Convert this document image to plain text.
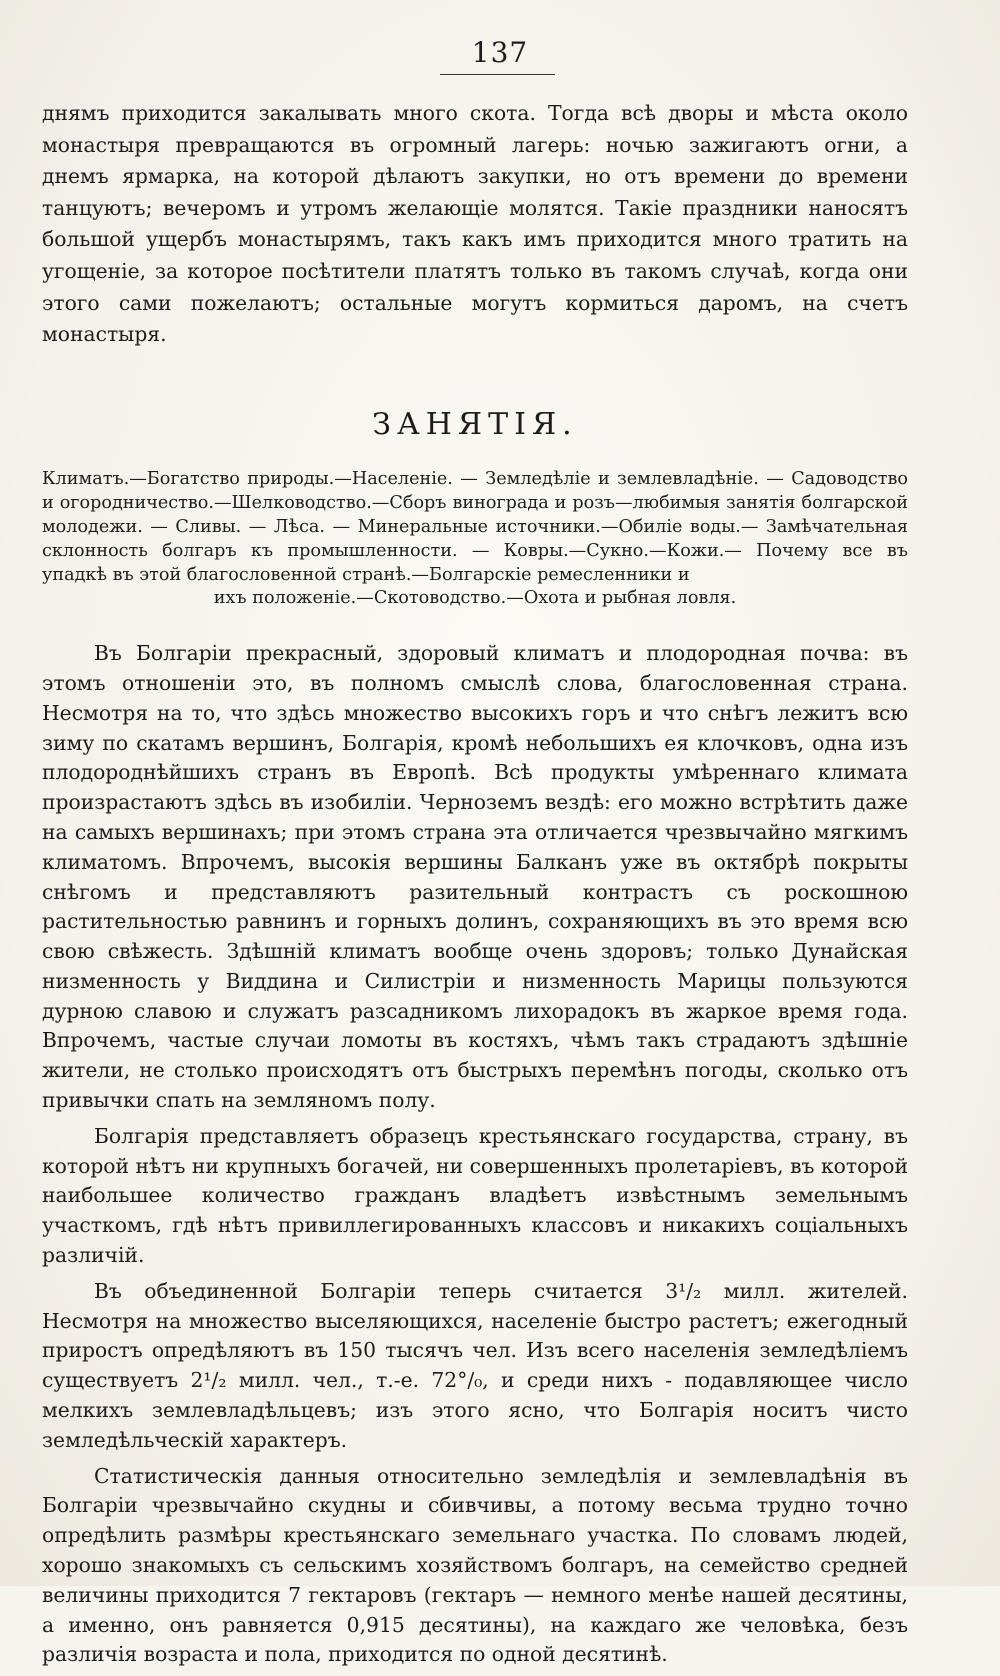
137

днямъ приходится закалывать много скота. Тогда всѣ дворы и мѣста около монастыря превращаются въ огромный лагерь: ночью зажигаютъ огни, а днемъ ярмарка, на которой дѣлаютъ закупки, но отъ времени до времени танцуютъ; вечеромъ и утромъ желающіе молятся. Такіе праздники наносятъ большой ущербъ монастырямъ, такъ какъ имъ приходится много тратить на угощеніе, за которое посѣтители платятъ только въ такомъ случаѣ, когда они этого сами пожелаютъ; остальные могутъ кормиться даромъ, на счетъ монастыря.

ЗАНЯТІЯ.
Климатъ.—Богатство природы.—Населеніе. — Земледѣліе и землевладѣніе. — Садоводство и огородничество.—Шелководство.—Сборъ винограда и розъ—любимыя занятія болгарской молодежи. — Сливы. — Лѣса. — Минеральные источники.—Обиліе воды.— Замѣчательная склонность болгаръ къ промышленности. — Ковры.—Сукно.—Кожи.— Почему все въ упадкѣ въ этой благословенной странѣ.—Болгарскіе ремесленники и
ихъ положеніе.—Скотоводство.—Охота и рыбная ловля.

Въ Болгаріи прекрасный, здоровый климатъ и плодородная почва: въ этомъ отношеніи это, въ полномъ смыслѣ слова, благословенная страна. Несмотря на то, что здѣсь множество высокихъ горъ и что снѣгъ лежитъ всю зиму по скатамъ вершинъ, Болгарія, кромѣ небольшихъ ея клочковъ, одна изъ плодороднѣйшихъ странъ въ Европѣ. Всѣ продукты умѣреннаго климата произрастаютъ здѣсь въ изобиліи. Черноземъ вездѣ: его можно встрѣтить даже на самыхъ вершинахъ; при этомъ страна эта отличается чрезвычайно мягкимъ климатомъ. Впрочемъ, высокія вершины Балканъ уже въ октябрѣ покрыты снѣгомъ и представляютъ разительный контрастъ съ роскошною растительностью равнинъ и горныхъ долинъ, сохраняющихъ въ это время всю свою свѣжесть. Здѣшній климатъ вообще очень здоровъ; только Дунайская низменность у Виддина и Силистріи и низменность Марицы пользуются дурною славою и служатъ разсадникомъ лихорадокъ въ жаркое время года. Впрочемъ, частые случаи ломоты въ костяхъ, чѣмъ такъ страдаютъ здѣшніе жители, не столько происходятъ отъ быстрыхъ перемѣнъ погоды, сколько отъ привычки спать на земляномъ полу.

Болгарія представляетъ образецъ крестьянскаго государства, страну, въ которой нѣтъ ни крупныхъ богачей, ни совершенныхъ пролетаріевъ, въ которой наибольшее количество гражданъ владѣетъ извѣстнымъ земельнымъ участкомъ, гдѣ нѣтъ привиллегированныхъ классовъ и никакихъ соціальныхъ различій.

Въ объединенной Болгаріи теперь считается 3¹/₂ милл. жителей. Несмотря на множество выселяющихся, населеніе быстро растетъ; ежегодный приростъ опредѣляютъ въ 150 тысячъ чел. Изъ всего населенія земледѣліемъ существуетъ 2¹/₂ милл. чел., т.-е. 72°/₀, и среди нихъ - подавляющее число мелкихъ землевладѣльцевъ; изъ этого ясно, что Болгарія носитъ чисто земледѣльческій характеръ.

Статистическія данныя относительно земледѣлія и землевладѣнія въ Болгаріи чрезвычайно скудны и сбивчивы, а потому весьма трудно точно опредѣлить размѣры крестьянскаго земельнаго участка. По словамъ людей, хорошо знакомыхъ съ сельскимъ хозяйствомъ болгаръ, на семейство средней величины приходится 7 гектаровъ (гектаръ — немного менѣе нашей десятины, а именно, онъ равняется 0,915 десятины), на каждаго же человѣка, безъ различія возраста и пола, приходится по одной десятинѣ.
